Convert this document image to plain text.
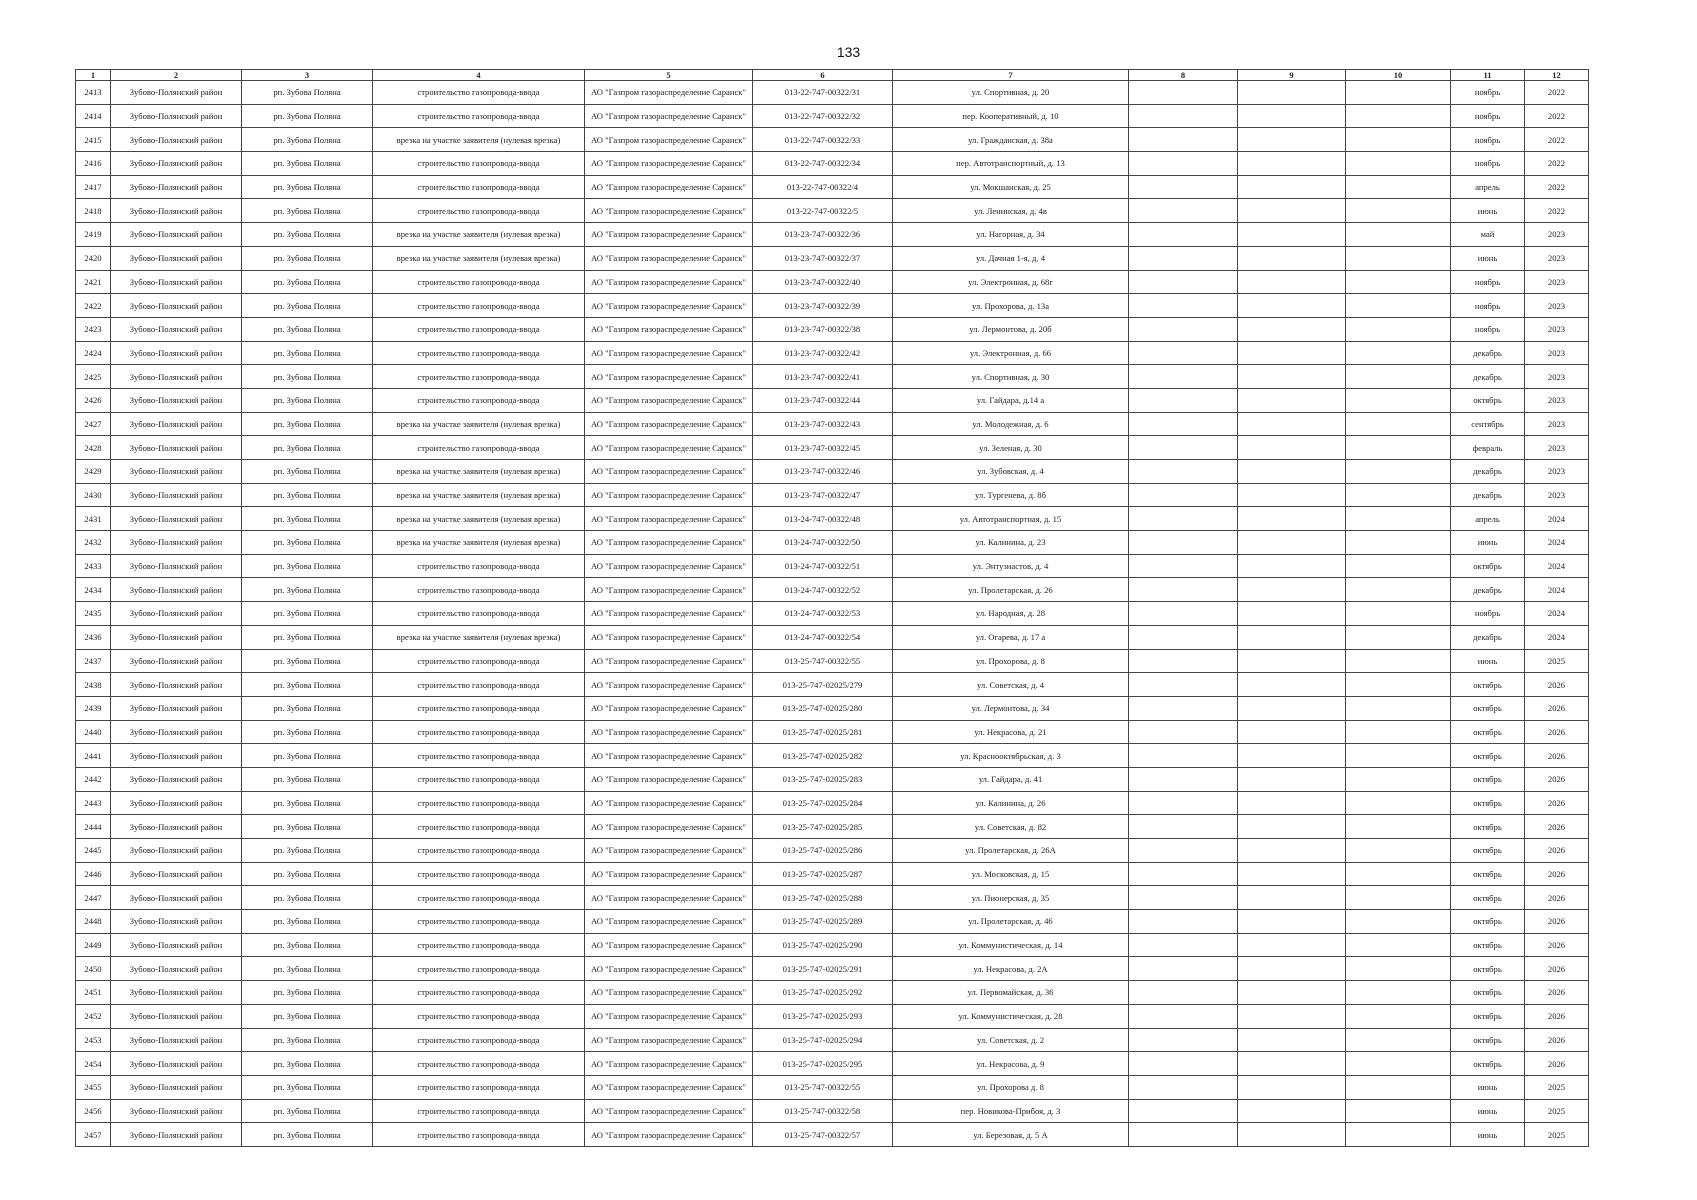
133
1	2	3	4	5	6	7	8	9	10	11	12
2413	Зубово-Полянский район	рп. Зубова Поляна	строительство газопровода-ввода	АО "Газпром газораспределение Саранск"	013-22-747-00322/31	ул. Спортивная, д. 20				ноябрь	2022
2414	Зубово-Полянский район	рп. Зубова Поляна	строительство газопровода-ввода	АО "Газпром газораспределение Саранск"	013-22-747-00322/32	пер. Кооперативный, д. 10				ноябрь	2022
2415	Зубово-Полянский район	рп. Зубова Поляна	врезка на участке заявителя (нулевая врезка)	АО "Газпром газораспределение Саранск"	013-22-747-00322/33	ул. Гражданская, д. 38а				ноябрь	2022
2416	Зубово-Полянский район	рп. Зубова Поляна	строительство газопровода-ввода	АО "Газпром газораспределение Саранск"	013-22-747-00322/34	пер. Автотранспортный, д. 13				ноябрь	2022
2417	Зубово-Полянский район	рп. Зубова Поляна	строительство газопровода-ввода	АО "Газпром газораспределение Саранск"	013-22-747-00322/4	ул. Мокшанская, д. 25				апрель	2022
2418	Зубово-Полянский район	рп. Зубова Поляна	строительство газопровода-ввода	АО "Газпром газораспределение Саранск"	013-22-747-00322/5	ул. Ленинская, д. 4в				июнь	2022
2419	Зубово-Полянский район	рп. Зубова Поляна	врезка на участке заявителя (нулевая врезка)	АО "Газпром газораспределение Саранск"	013-23-747-00322/36	ул. Нагорная, д. 34				май	2023
2420	Зубово-Полянский район	рп. Зубова Поляна	врезка на участке заявителя (нулевая врезка)	АО "Газпром газораспределение Саранск"	013-23-747-00322/37	ул. Дачная 1-я, д. 4				июнь	2023
2421	Зубово-Полянский район	рп. Зубова Поляна	строительство газопровода-ввода	АО "Газпром газораспределение Саранск"	013-23-747-00322/40	ул. Электронная, д. 68г				ноябрь	2023
2422	Зубово-Полянский район	рп. Зубова Поляна	строительство газопровода-ввода	АО "Газпром газораспределение Саранск"	013-23-747-00322/39	ул. Прохорова, д. 13а				ноябрь	2023
2423	Зубово-Полянский район	рп. Зубова Поляна	строительство газопровода-ввода	АО "Газпром газораспределение Саранск"	013-23-747-00322/38	ул. Лермонтова, д. 20б				ноябрь	2023
2424	Зубово-Полянский район	рп. Зубова Поляна	строительство газопровода-ввода	АО "Газпром газораспределение Саранск"	013-23-747-00322/42	ул. Электронная, д. 66				декабрь	2023
2425	Зубово-Полянский район	рп. Зубова Поляна	строительство газопровода-ввода	АО "Газпром газораспределение Саранск"	013-23-747-00322/41	ул. Спортивная, д. 30				декабрь	2023
2426	Зубово-Полянский район	рп. Зубова Поляна	строительство газопровода-ввода	АО "Газпром газораспределение Саранск"	013-23-747-00322/44	ул. Гайдара, д.14 а				октябрь	2023
2427	Зубово-Полянский район	рп. Зубова Поляна	врезка на участке заявителя (нулевая врезка)	АО "Газпром газораспределение Саранск"	013-23-747-00322/43	ул. Молодежная, д. 6				сентябрь	2023
2428	Зубово-Полянский район	рп. Зубова Поляна	строительство газопровода-ввода	АО "Газпром газораспределение Саранск"	013-23-747-00322/45	ул. Зеленая, д. 30				февраль	2023
2429	Зубово-Полянский район	рп. Зубова Поляна	врезка на участке заявителя (нулевая врезка)	АО "Газпром газораспределение Саранск"	013-23-747-00322/46	ул. Зубовская, д. 4				декабрь	2023
2430	Зубово-Полянский район	рп. Зубова Поляна	врезка на участке заявителя (нулевая врезка)	АО "Газпром газораспределение Саранск"	013-23-747-00322/47	ул. Тургенева, д. 8б				декабрь	2023
2431	Зубово-Полянский район	рп. Зубова Поляна	врезка на участке заявителя (нулевая врезка)	АО "Газпром газораспределение Саранск"	013-24-747-00322/48	ул. Автотранспортная, д. 15				апрель	2024
2432	Зубово-Полянский район	рп. Зубова Поляна	врезка на участке заявителя (нулевая врезка)	АО "Газпром газораспределение Саранск"	013-24-747-00322/50	ул. Калинина, д. 23				июнь	2024
2433	Зубово-Полянский район	рп. Зубова Поляна	строительство газопровода-ввода	АО "Газпром газораспределение Саранск"	013-24-747-00322/51	ул. Энтузиастов, д. 4				октябрь	2024
2434	Зубово-Полянский район	рп. Зубова Поляна	строительство газопровода-ввода	АО "Газпром газораспределение Саранск"	013-24-747-00322/52	ул. Пролетарская, д. 26				декабрь	2024
2435	Зубово-Полянский район	рп. Зубова Поляна	строительство газопровода-ввода	АО "Газпром газораспределение Саранск"	013-24-747-00322/53	ул. Народная, д. 28				ноябрь	2024
2436	Зубово-Полянский район	рп. Зубова Поляна	врезка на участке заявителя (нулевая врезка)	АО "Газпром газораспределение Саранск"	013-24-747-00322/54	ул. Огарева, д. 17 а				декабрь	2024
2437	Зубово-Полянский район	рп. Зубова Поляна	строительство газопровода-ввода	АО "Газпром газораспределение Саранск"	013-25-747-00322/55	ул. Прохорова, д. 8				июнь	2025
2438	Зубово-Полянский район	рп. Зубова Поляна	строительство газопровода-ввода	АО "Газпром газораспределение Саранск"	013-25-747-02025/279	ул. Советская, д. 4				октябрь	2026
2439	Зубово-Полянский район	рп. Зубова Поляна	строительство газопровода-ввода	АО "Газпром газораспределение Саранск"	013-25-747-02025/280	ул. Лермонтова, д. 34				октябрь	2026
2440	Зубово-Полянский район	рп. Зубова Поляна	строительство газопровода-ввода	АО "Газпром газораспределение Саранск"	013-25-747-02025/281	ул. Некрасова, д. 21				октябрь	2026
2441	Зубово-Полянский район	рп. Зубова Поляна	строительство газопровода-ввода	АО "Газпром газораспределение Саранск"	013-25-747-02025/282	ул. Краснооктябрьская, д. 3				октябрь	2026
2442	Зубово-Полянский район	рп. Зубова Поляна	строительство газопровода-ввода	АО "Газпром газораспределение Саранск"	013-25-747-02025/283	ул. Гайдара, д. 41				октябрь	2026
2443	Зубово-Полянский район	рп. Зубова Поляна	строительство газопровода-ввода	АО "Газпром газораспределение Саранск"	013-25-747-02025/284	ул. Калинина, д. 26				октябрь	2026
2444	Зубово-Полянский район	рп. Зубова Поляна	строительство газопровода-ввода	АО "Газпром газораспределение Саранск"	013-25-747-02025/285	ул. Советская, д. 82				октябрь	2026
2445	Зубово-Полянский район	рп. Зубова Поляна	строительство газопровода-ввода	АО "Газпром газораспределение Саранск"	013-25-747-02025/286	ул. Пролетарская, д. 26А				октябрь	2026
2446	Зубово-Полянский район	рп. Зубова Поляна	строительство газопровода-ввода	АО "Газпром газораспределение Саранск"	013-25-747-02025/287	ул. Московская, д. 15				октябрь	2026
2447	Зубово-Полянский район	рп. Зубова Поляна	строительство газопровода-ввода	АО "Газпром газораспределение Саранск"	013-25-747-02025/288	ул. Пионерская, д. 35				октябрь	2026
2448	Зубово-Полянский район	рп. Зубова Поляна	строительство газопровода-ввода	АО "Газпром газораспределение Саранск"	013-25-747-02025/289	ул. Пролетарская, д. 46				октябрь	2026
2449	Зубово-Полянский район	рп. Зубова Поляна	строительство газопровода-ввода	АО "Газпром газораспределение Саранск"	013-25-747-02025/290	ул. Коммунистическая, д. 14				октябрь	2026
2450	Зубово-Полянский район	рп. Зубова Поляна	строительство газопровода-ввода	АО "Газпром газораспределение Саранск"	013-25-747-02025/291	ул. Некрасова, д. 2А				октябрь	2026
2451	Зубово-Полянский район	рп. Зубова Поляна	строительство газопровода-ввода	АО "Газпром газораспределение Саранск"	013-25-747-02025/292	ул. Первомайская, д. 36				октябрь	2026
2452	Зубово-Полянский район	рп. Зубова Поляна	строительство газопровода-ввода	АО "Газпром газораспределение Саранск"	013-25-747-02025/293	ул. Коммунистическая, д. 28				октябрь	2026
2453	Зубово-Полянский район	рп. Зубова Поляна	строительство газопровода-ввода	АО "Газпром газораспределение Саранск"	013-25-747-02025/294	ул. Советская, д. 2				октябрь	2026
2454	Зубово-Полянский район	рп. Зубова Поляна	строительство газопровода-ввода	АО "Газпром газораспределение Саранск"	013-25-747-02025/295	ул. Некрасова, д. 9				октябрь	2026
2455	Зубово-Полянский район	рп. Зубова Поляна	строительство газопровода-ввода	АО "Газпром газораспределение Саранск"	013-25-747-00322/55	ул. Прохорова д. 8				июнь	2025
2456	Зубово-Полянский район	рп. Зубова Поляна	строительство газопровода-ввода	АО "Газпром газораспределение Саранск"	013-25-747-00322/58	пер. Новикова-Прибоя, д. 3				июнь	2025
2457	Зубово-Полянский район	рп. Зубова Поляна	строительство газопровода-ввода	АО "Газпром газораспределение Саранск"	013-25-747-00322/57	ул. Березовая, д. 5 А				июнь	2025
